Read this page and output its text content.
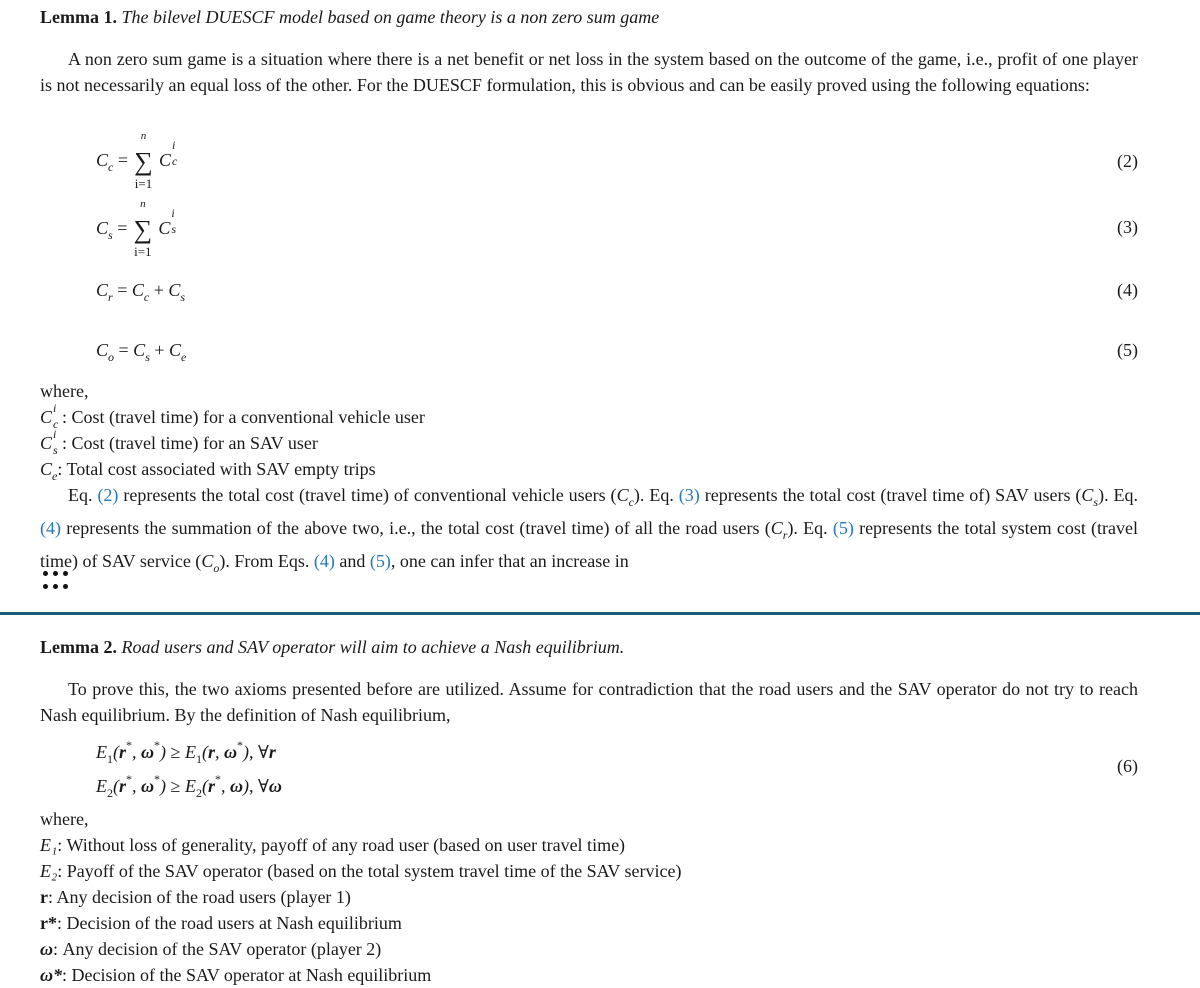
Lemma 1. The bilevel DUESCF model based on game theory is a non zero sum game

A non zero sum game is a situation where there is a net benefit or net loss in the system based on the outcome of the game, i.e., profit of one player is not necessarily an equal loss of the other. For the DUESCF formulation, this is obvious and can be easily proved using the following equations:

$C_c$ =
n
∑
i=1
C
i
c	(2)
$C_s$ =
n
∑
i=1
C
i
s	(3)
$C_r = C_c + C_s$	(4)
$C_o = C_s + C_e$	(5)
where,
C i
c : Cost (travel time) for a conventional vehicle user
C i
s : Cost (travel time) for an SAV user
$C_e$: Total cost associated with SAV empty trips

Eq. (2) represents the total cost (travel time) of conventional vehicle users $(C_c)$. Eq. (3) represents the total cost (travel time of) SAV users $(C_s)$. Eq. (4) represents the summation of the above two, i.e., the total cost (travel time) of all the road users $(C_r)$. Eq. (5) represents the total system cost (travel time) of SAV service $(C_o)$. From Eqs. (4) and (5), one can infer that an increase in

Lemma 2. Road users and SAV operator will aim to achieve a Nash equilibrium.

To prove this, the two axioms presented before are utilized. Assume for contradiction that the road users and the SAV operator do not try to reach Nash equilibrium. By the definition of Nash equilibrium,

$E_1(r^*$, $\omega^*) \ge E_1(r$, ω*), ∀r
$E_2(r^*$, $\omega^*) \ge E_2(r^*$, ω), ∀ω
(6)
where,
E₁: Without loss of generality, payoff of any road user (based on user travel time)
E₂: Payoff of the SAV operator (based on the total system travel time of the SAV service)
r: Any decision of the road users (player 1)
r*: Decision of the road users at Nash equilibrium
ω: Any decision of the SAV operator (player 2)
ω*: Decision of the SAV operator at Nash equilibrium
